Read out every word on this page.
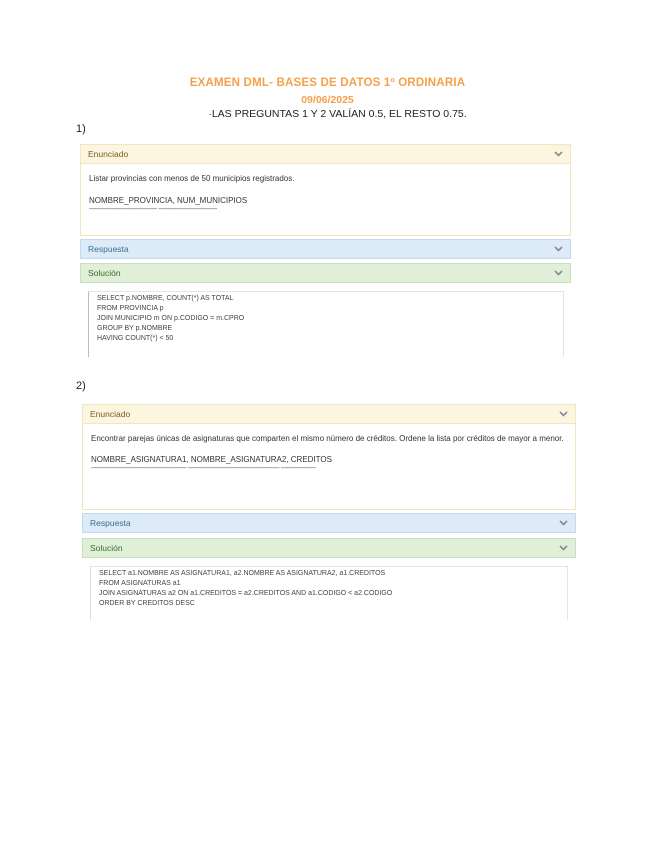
EXAMEN DML- BASES DE DATOS 1º ORDINARIA
09/06/2025
·LAS PREGUNTAS 1 Y 2 VALÍAN 0.5, EL RESTO 0.75.
1)
Enunciado

Listar provincias con menos de 50 municipios registrados.

NOMBRE_PROVINCIA, NUM_MUNICIPIOS

------------------------------------- --------------------------------

Respuesta
Solución
SELECT p.NOMBRE, COUNT(*) AS TOTAL
FROM PROVINCIA p
JOIN MUNICIPIO m ON p.CODIGO = m.CPRO
GROUP BY p.NOMBRE
HAVING COUNT(*) < 50
2)
Enunciado

Encontrar parejas únicas de asignaturas que comparten el mismo número de créditos. Ordene la lista por créditos de mayor a menor.

NOMBRE_ASIGNATURA1, NOMBRE_ASIGNATURA2, CREDITOS

---------------------------------------------------- -------------------------------------------------- -------------------

Respuesta
Solución
SELECT a1.NOMBRE AS ASIGNATURA1, a2.NOMBRE AS ASIGNATURA2, a1.CREDITOS
FROM ASIGNATURAS a1
JOIN ASIGNATURAS a2 ON a1.CREDITOS = a2.CREDITOS AND a1.CODIGO < a2.CODIGO
ORDER BY CREDITOS DESC
